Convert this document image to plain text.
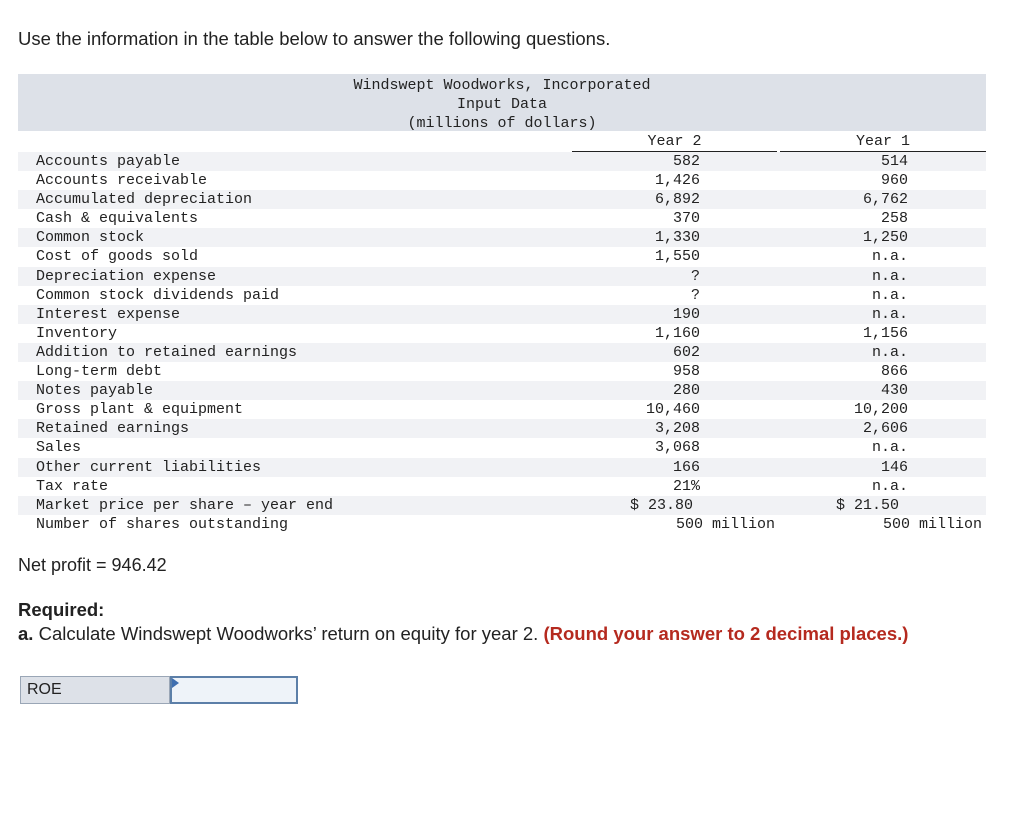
Use the information in the table below to answer the following questions.

Windswept Woodworks, Incorporated
Input Data
(millions of dollars)
Year 2	Year 1
Accounts payable	582	514
Accounts receivable	1,426	960
Accumulated depreciation	6,892	6,762
Cash & equivalents	370	258
Common stock	1,330	1,250
Cost of goods sold	1,550	n.a.
Depreciation expense	?	n.a.
Common stock dividends paid	?	n.a.
Interest expense	190	n.a.
Inventory	1,160	1,156
Addition to retained earnings	602	n.a.
Long-term debt	958	866
Notes payable	280	430
Gross plant & equipment	10,460	10,200
Retained earnings	3,208	2,606
Sales	3,068	n.a.
Other current liabilities	166	146
Tax rate	21%	n.a.
Market price per share – year end	$ 23.80	$ 21.50
Number of shares outstanding	500 million	500 million
Net profit = 946.42
Required:
a. Calculate Windswept Woodworks’ return on equity for year 2. (Round your answer to 2 decimal places.)
ROE
